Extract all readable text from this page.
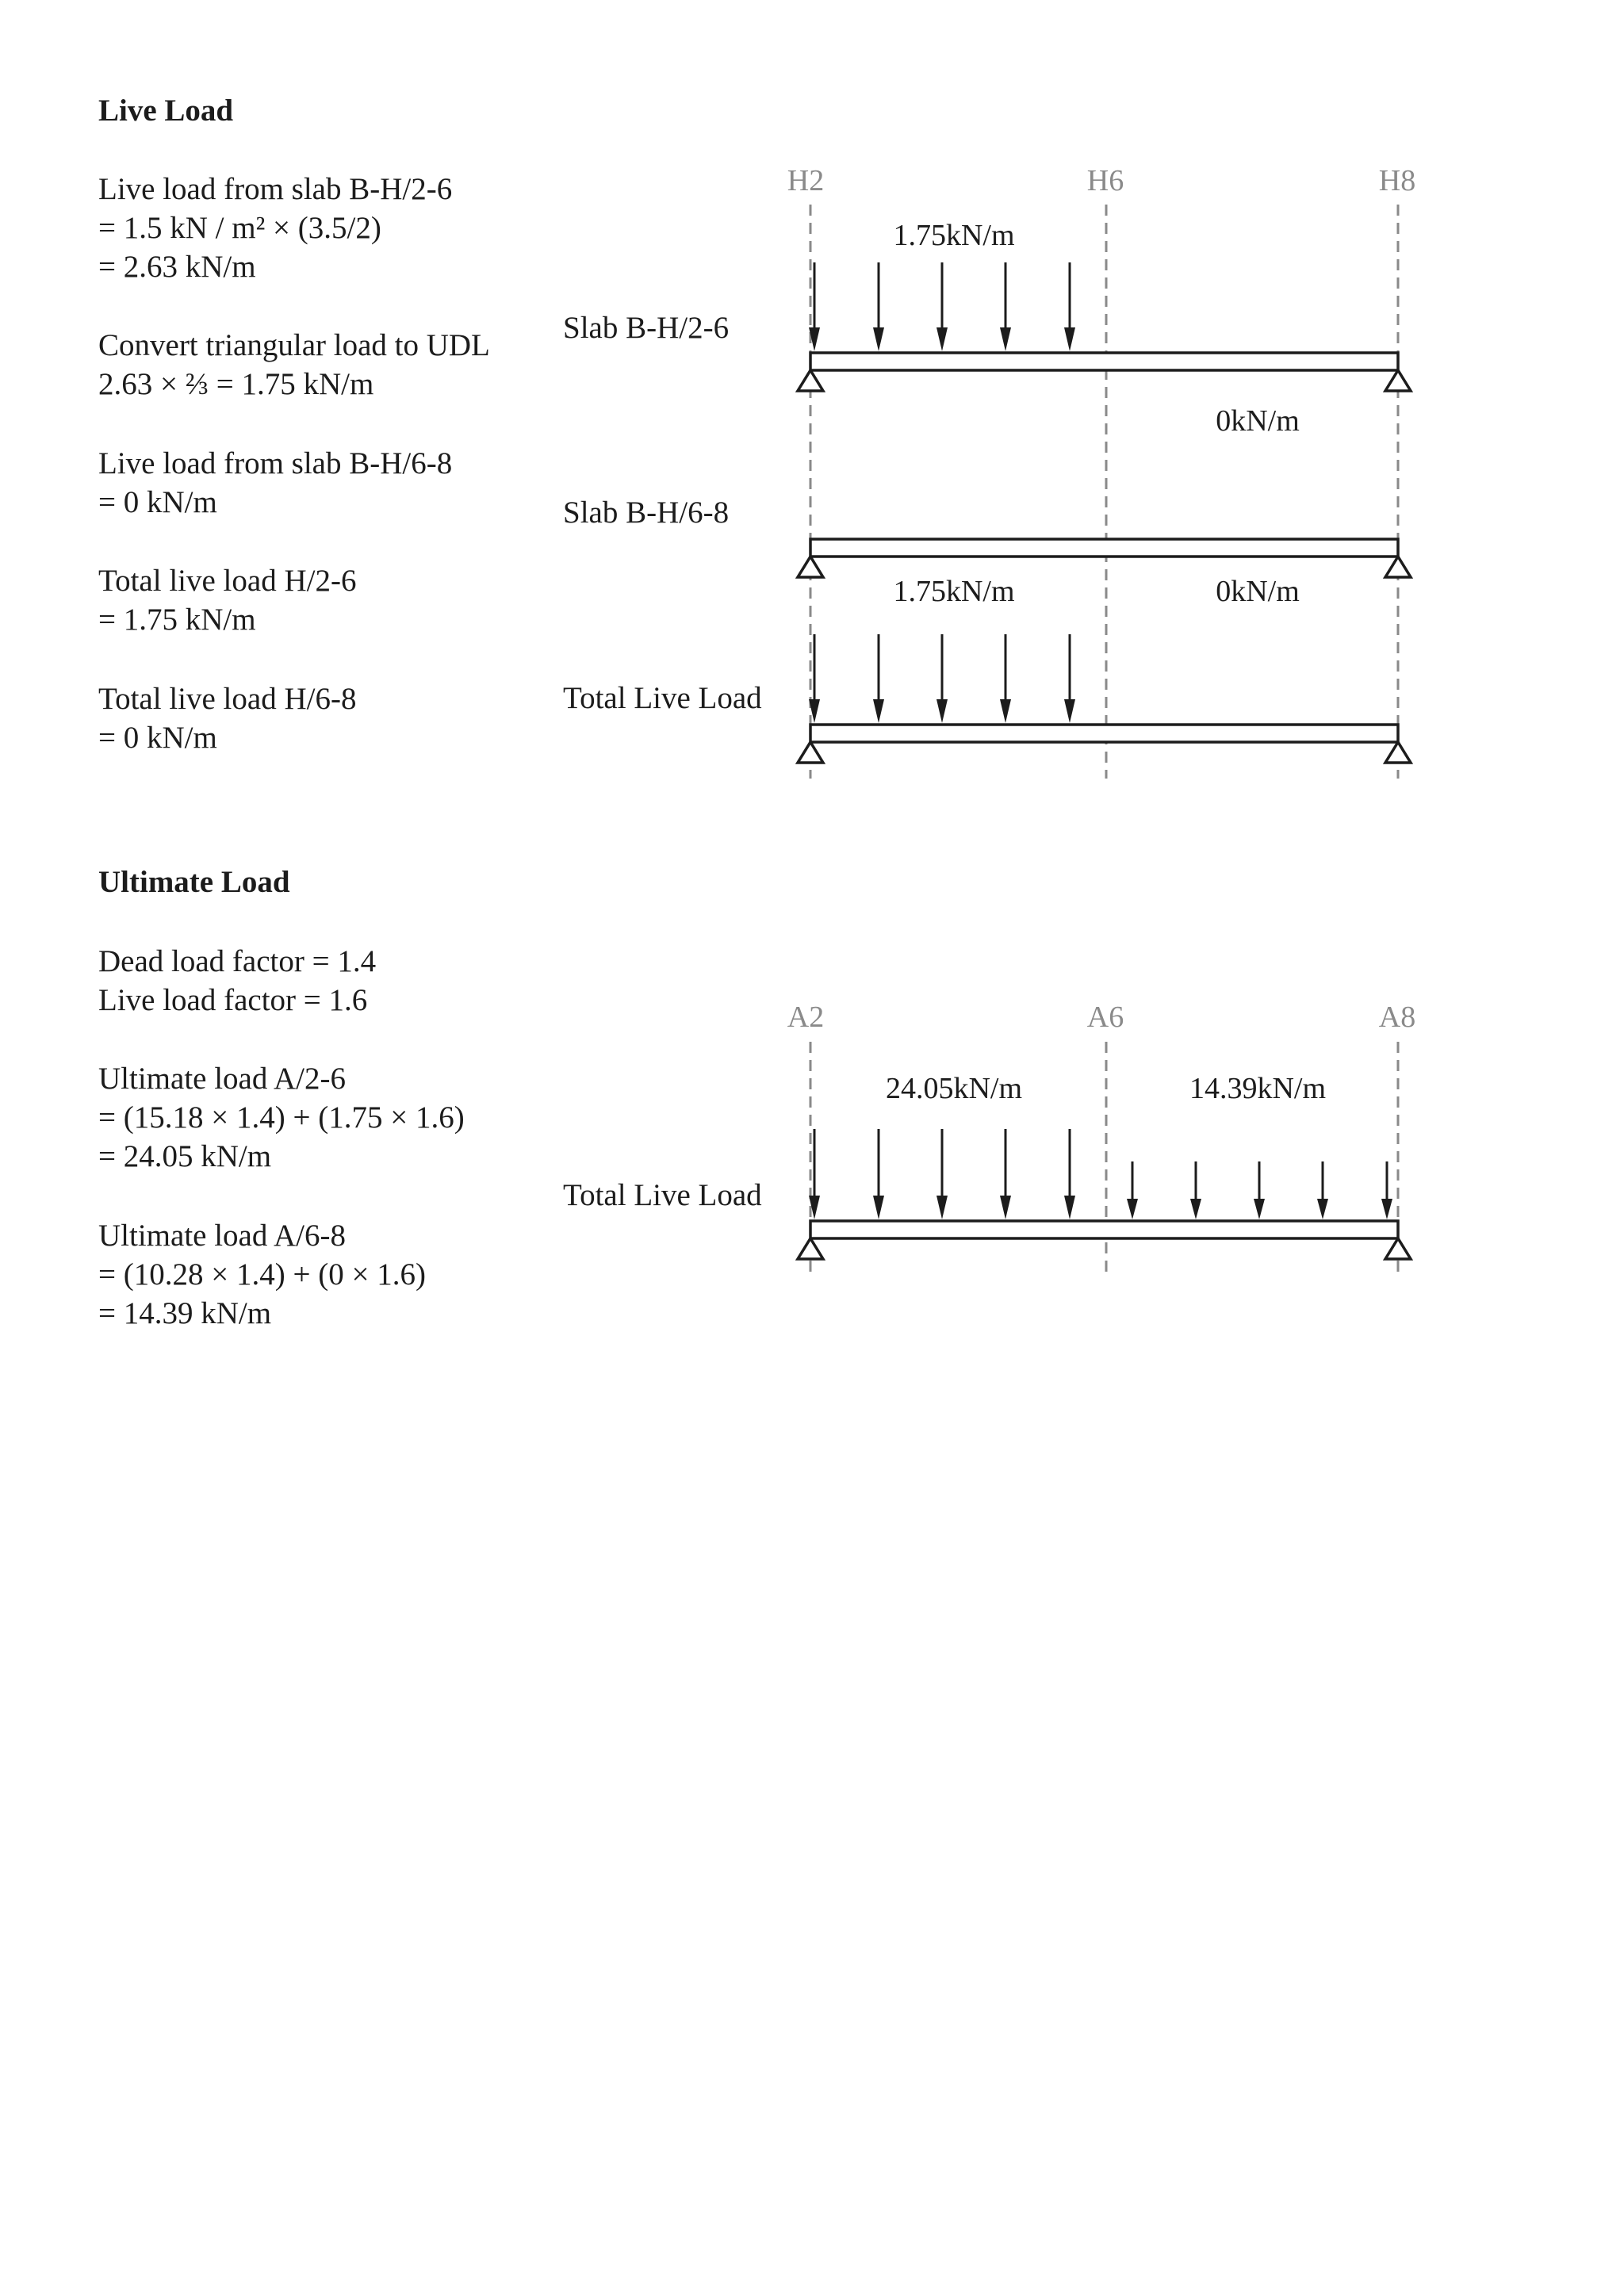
Live Load
Live load from slab B-H/2-6
= 1.5 kN / m² × (3.5/2)
= 2.63 kN/m
Convert triangular load to UDL
2.63 × ⅔ = 1.75 kN/m
Live load from slab B-H/6-8
= 0 kN/m
Total live load H/2-6
= 1.75 kN/m
Total live load H/6-8
= 0 kN/m
Ultimate Load
Dead load factor = 1.4
Live load factor = 1.6
Ultimate load A/2-6
= (15.18 × 1.4) + (1.75 × 1.6)
= 24.05 kN/m
Ultimate load A/6-8
= (10.28 × 1.4) + (0 × 1.6)
= 14.39 kN/m
H2	H6	H8
Slab B-H/2-6
1.75kN/m
Slab B-H/6-8
0kN/m
Total Live Load
1.75kN/m	0kN/m
A2	A6	A8
Total Live Load
24.05kN/m	14.39kN/m
